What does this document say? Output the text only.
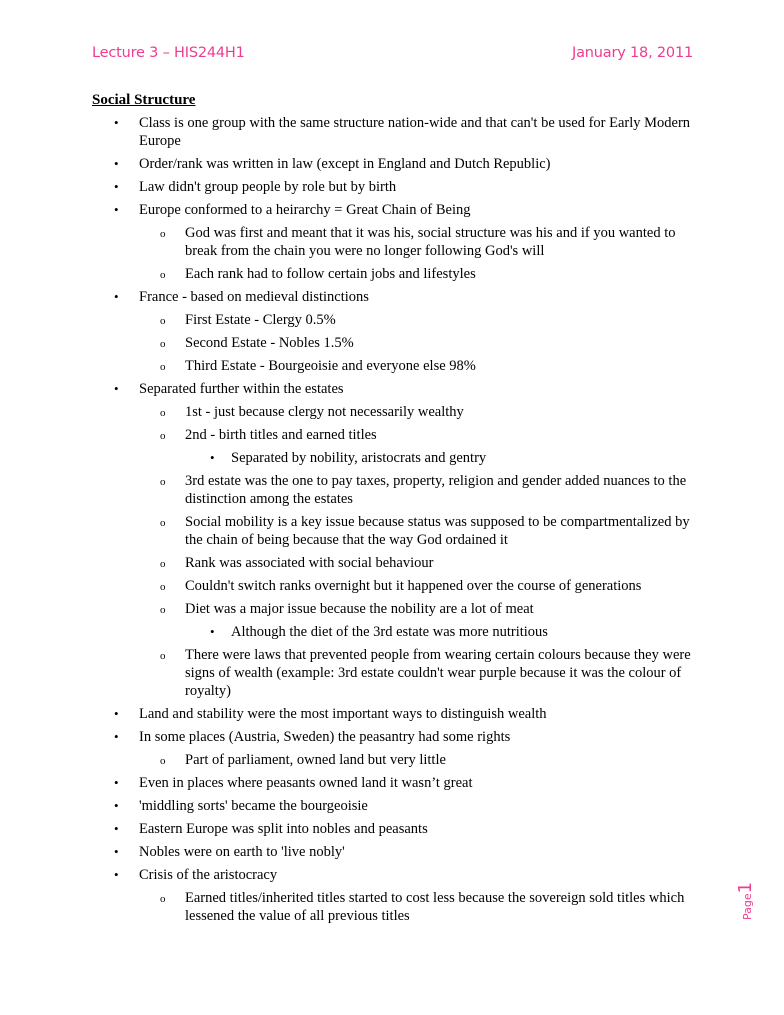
Lecture 3 – HIS244H1	January 18, 2011
Social Structure
• Class is one group with the same structure nation-wide and that can't be used for Early Modern Europe
• Order/rank was written in law (except in England and Dutch Republic)
• Law didn't group people by role but by birth
• Europe conformed to a heirarchy = Great Chain of Being
o God was first and meant that it was his, social structure was his and if you wanted to break from the chain you were no longer following God's will
o Each rank had to follow certain jobs and lifestyles
• France - based on medieval distinctions
o First Estate - Clergy 0.5%
o Second Estate - Nobles 1.5%
o Third Estate - Bourgeoisie and everyone else 98%
• Separated further within the estates
o 1st - just because clergy not necessarily wealthy
o 2nd - birth titles and earned titles
• Separated by nobility, aristocrats and gentry
o 3rd estate was the one to pay taxes, property, religion and gender added nuances to the distinction among the estates
o Social mobility is a key issue because status was supposed to be compartmentalized by the chain of being because that the way God ordained it
o Rank was associated with social behaviour
o Couldn't switch ranks overnight but it happened over the course of generations
o Diet was a major issue because the nobility are a lot of meat
• Although the diet of the 3rd estate was more nutritious
o There were laws that prevented people from wearing certain colours because they were signs of wealth (example: 3rd estate couldn't wear purple because it was the colour of royalty)
• Land and stability were the most important ways to distinguish wealth
• In some places (Austria, Sweden) the peasantry had some rights
o Part of parliament, owned land but very little
• Even in places where peasants owned land it wasn’t great
• 'middling sorts' became the bourgeoisie
• Eastern Europe was split into nobles and peasants
• Nobles were on earth to 'live nobly'
• Crisis of the aristocracy
o Earned titles/inherited titles started to cost less because the sovereign sold titles which lessened the value of all previous titles	Page1
